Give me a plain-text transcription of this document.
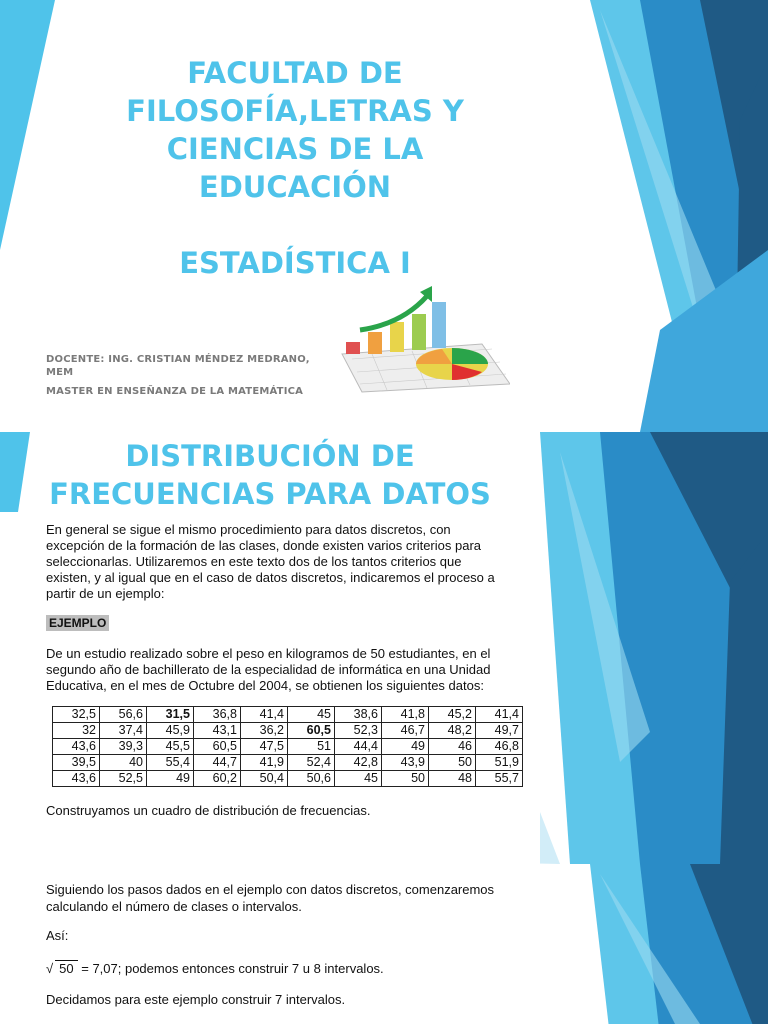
FACULTAD DE
FILOSOFÍA,LETRAS Y
CIENCIAS DE LA
EDUCACIÓN
ESTADÍSTICA I
DOCENTE: ING. CRISTIAN MÉNDEZ MEDRANO,
MEM
MASTER EN ENSEÑANZA DE LA MATEMÁTICA
DISTRIBUCIÓN DE
FRECUENCIAS PARA DATOS
En general se sigue el mismo procedimiento para datos discretos, con
excepción de la formación de las clases, donde existen varios criterios para
seleccionarlas. Utilizaremos en este texto dos de los tantos criterios que
existen, y al igual que en el caso de datos discretos, indicaremos el proceso a
partir de un ejemplo:
EJEMPLO
De un estudio realizado sobre el peso en kilogramos de 50 estudiantes, en el
segundo año de bachillerato de la especialidad de informática en una Unidad
Educativa, en el mes de Octubre del 2004, se obtienen los siguientes datos:
32,5	56,6	31,5	36,8	41,4	45	38,6	41,8	45,2	41,4
32	37,4	45,9	43,1	36,2	60,5	52,3	46,7	48,2	49,7
43,6	39,3	45,5	60,5	47,5	51	44,4	49	46	46,8
39,5	40	55,4	44,7	41,9	52,4	42,8	43,9	50	51,9
43,6	52,5	49	60,2	50,4	50,6	45	50	48	55,7
Construyamos un cuadro de distribución de frecuencias.
Siguiendo los pasos dados en el ejemplo con datos discretos, comenzaremos
calculando el número de clases o intervalos.
Así:
√ 50 = 7,07; podemos entonces construir 7 u 8 intervalos.
Decidamos para este ejemplo construir 7 intervalos.
